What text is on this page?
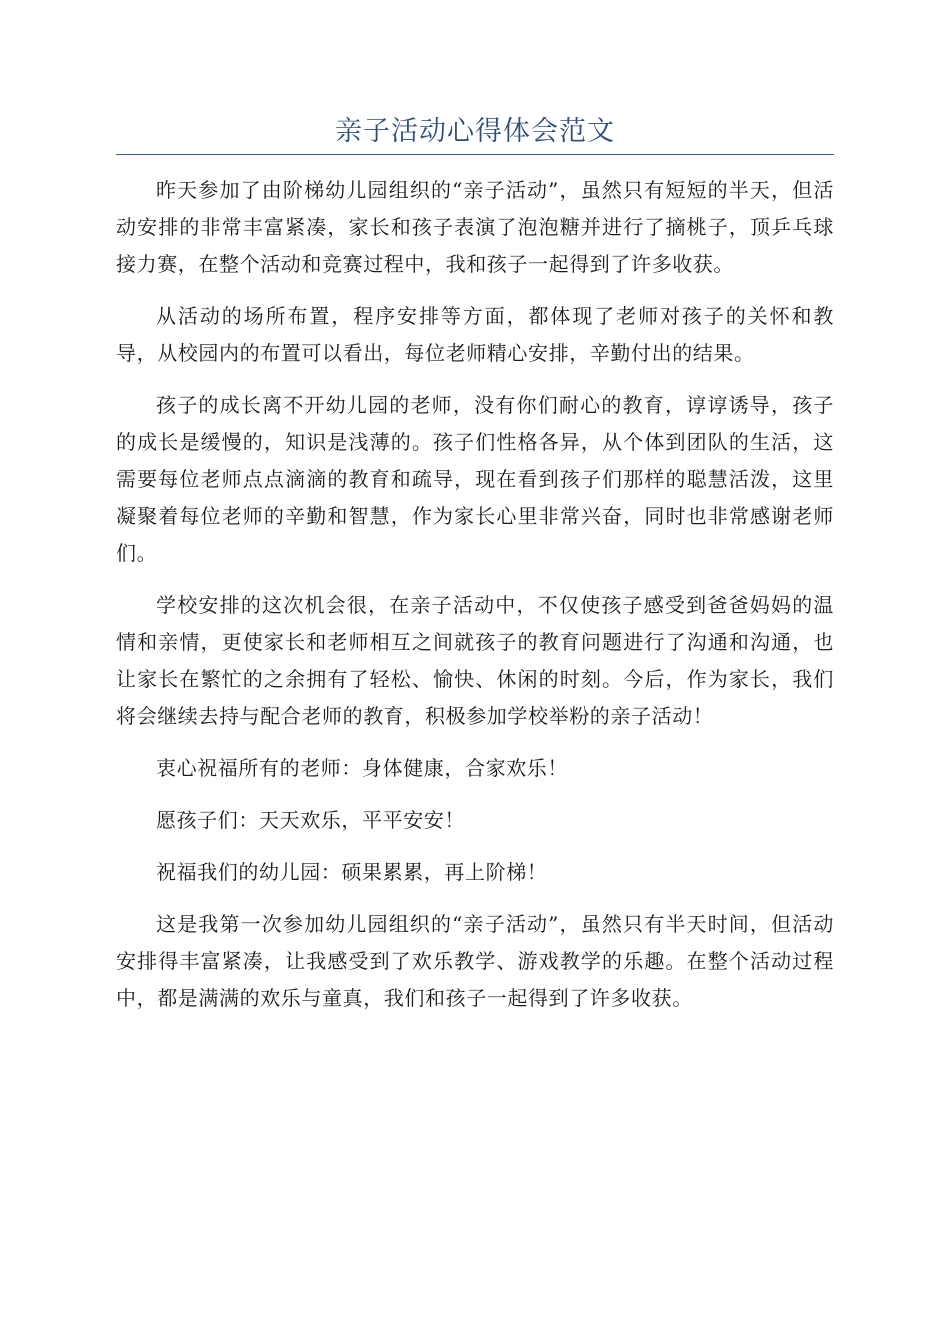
亲子活动心得体会范文

昨天参加了由阶梯幼儿园组织的“亲子活动”，虽然只有短短的半天，但活动安排的非常丰富紧凑，家长和孩子表演了泡泡糖并进行了摘桃子，顶乒乓球接力赛，在整个活动和竞赛过程中，我和孩子一起得到了许多收获。

从活动的场所布置，程序安排等方面，都体现了老师对孩子的关怀和教导，从校园内的布置可以看出，每位老师精心安排，辛勤付出的结果。

孩子的成长离不开幼儿园的老师，没有你们耐心的教育，谆谆诱导，孩子的成长是缓慢的，知识是浅薄的。孩子们性格各异，从个体到团队的生活，这需要每位老师点点滴滴的教育和疏导，现在看到孩子们那样的聪慧活泼，这里凝聚着每位老师的辛勤和智慧，作为家长心里非常兴奋，同时也非常感谢老师们。

学校安排的这次机会很，在亲子活动中，不仅使孩子感受到爸爸妈妈的温情和亲情，更使家长和老师相互之间就孩子的教育问题进行了沟通和沟通，也让家长在繁忙的之余拥有了轻松、愉快、休闲的时刻。今后，作为家长，我们将会继续去持与配合老师的教育，积极参加学校举粉的亲子活动！

衷心祝福所有的老师：身体健康，合家欢乐！

愿孩子们：天天欢乐，平平安安！

祝福我们的幼儿园：硕果累累，再上阶梯！

这是我第一次参加幼儿园组织的“亲子活动”，虽然只有半天时间，但活动安排得丰富紧凑，让我感受到了欢乐教学、游戏教学的乐趣。在整个活动过程中，都是满满的欢乐与童真，我们和孩子一起得到了许多收获。
